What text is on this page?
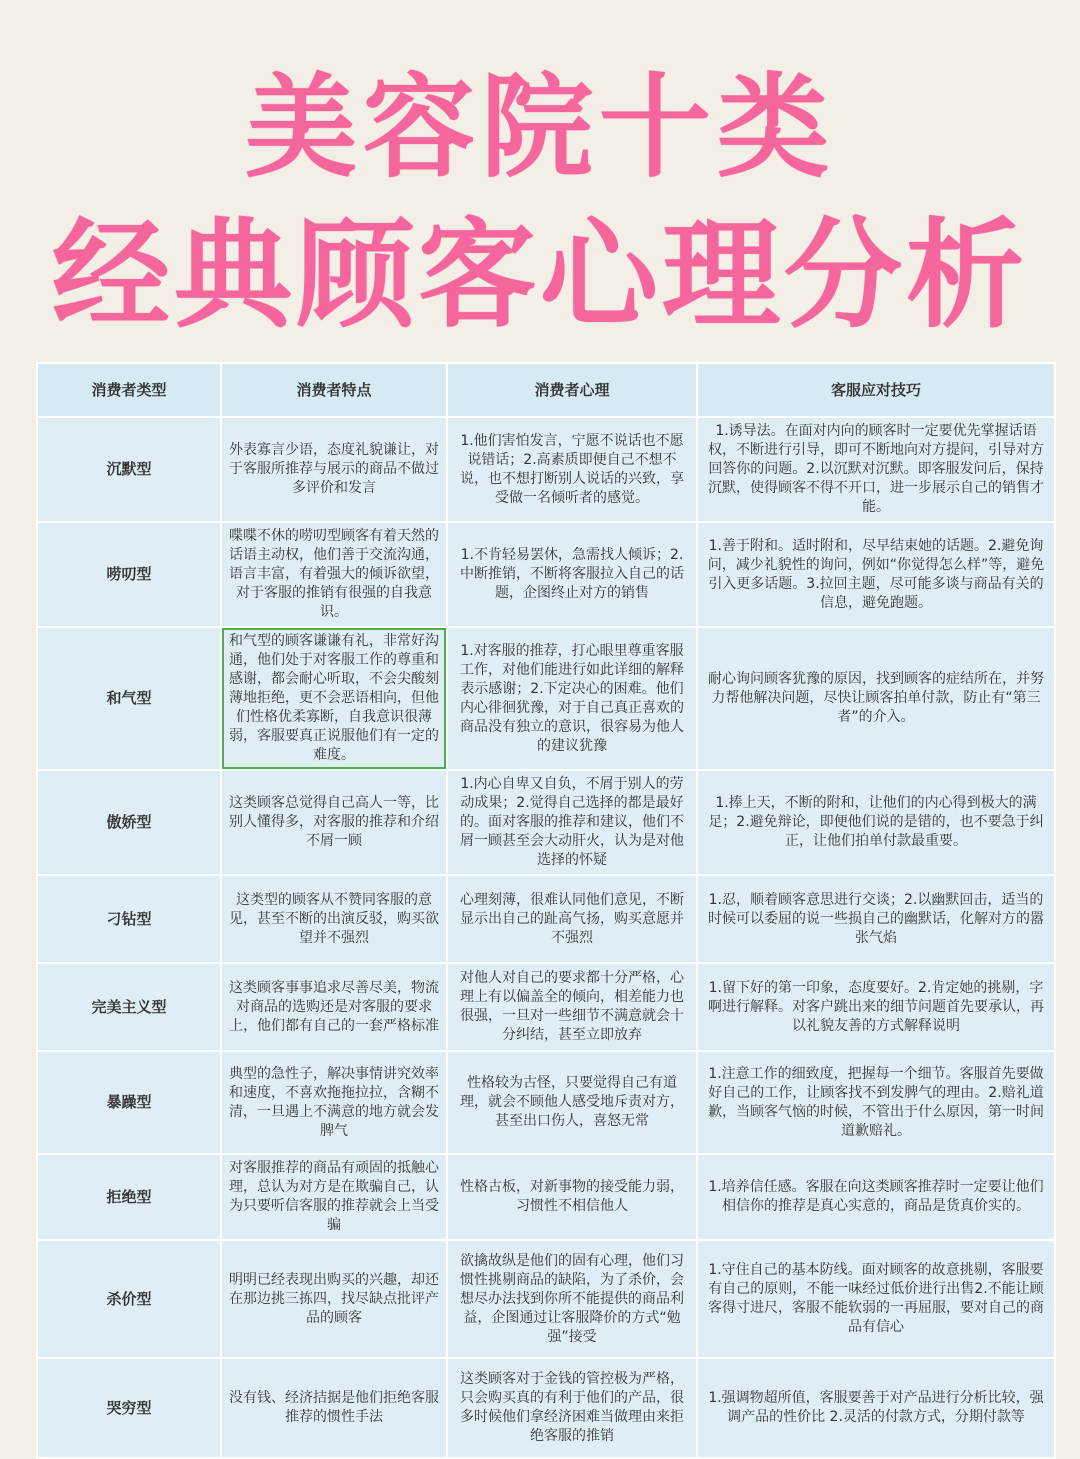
美容院十类
经典顾客心理分析
消费者类型	消费者特点	消费者心理	客服应对技巧
沉默型	外表寡言少语，态度礼貌谦让，对于客服所推荐与展示的商品不做过多评价和发言	1.他们害怕发言，宁愿不说话也不愿说错话；2.高素质即便自己不想不说，也不想打断别人说话的兴致，享受做一名倾听者的感觉。	1.诱导法。在面对内向的顾客时一定要优先掌握话语权，不断进行引导，即可不断地向对方提问，引导对方回答你的问题。2.以沉默对沉默。即客服发问后，保持沉默，使得顾客不得不开口，进一步展示自己的销售才能。
唠叨型	喋喋不休的唠叨型顾客有着天然的话语主动权，他们善于交流沟通，语言丰富，有着强大的倾诉欲望，对于客服的推销有很强的自我意识。	1.不肯轻易罢休，急需找人倾诉；2.中断推销，不断将客服拉入自己的话题，企图终止对方的销售	1.善于附和。适时附和，尽早结束她的话题。2.避免询问，减少礼貌性的询问，例如“你觉得怎么样”等，避免引入更多话题。3.拉回主题，尽可能多谈与商品有关的信息，避免跑题。
和气型	和气型的顾客谦谦有礼，非常好沟通，他们处于对客服工作的尊重和感谢，都会耐心听取，不会尖酸刻薄地拒绝，更不会恶语相向，但他们性格优柔寡断，自我意识很薄弱，客服要真正说服他们有一定的难度。	1.对客服的推荐，打心眼里尊重客服工作，对他们能进行如此详细的解释表示感谢；2.下定决心的困难。他们内心徘徊犹豫，对于自己真正喜欢的商品没有独立的意识，很容易为他人的建议犹豫	耐心询问顾客犹豫的原因，找到顾客的症结所在，并努力帮他解决问题，尽快让顾客拍单付款，防止有“第三者”的介入。
傲娇型	这类顾客总觉得自己高人一等，比别人懂得多，对客服的推荐和介绍不屑一顾	1.内心自卑又自负，不屑于别人的劳动成果；2.觉得自己选择的都是最好的。面对客服的推荐和建议，他们不屑一顾甚至会大动肝火，认为是对他选择的怀疑	1.捧上天，不断的附和，让他们的内心得到极大的满足；2.避免辩论，即便他们说的是错的，也不要急于纠正，让他们拍单付款最重要。
刁钻型	这类型的顾客从不赞同客服的意见，甚至不断的出演反驳，购买欲望并不强烈	心理刻薄，很难认同他们意见，不断显示出自己的趾高气扬，购买意愿并不强烈	1.忍，顺着顾客意思进行交谈；2.以幽默回击，适当的时候可以委屈的说一些损自己的幽默话，化解对方的嚣张气焰
完美主义型	这类顾客事事追求尽善尽美，物流对商品的选购还是对客服的要求上，他们都有自己的一套严格标准	对他人对自己的要求都十分严格，心理上有以偏盖全的倾向，相差能力也很强，一旦对一些细节不满意就会十分纠结，甚至立即放弃	1.留下好的第一印象，态度要好。2.肯定她的挑剔，字啊进行解释。对客户跳出来的细节问题首先要承认，再以礼貌友善的方式解释说明
暴躁型	典型的急性子，解决事情讲究效率和速度，不喜欢拖拖拉拉，含糊不清，一旦遇上不满意的地方就会发脾气	性格较为古怪，只要觉得自己有道理，就会不顾他人感受地斥责对方，甚至出口伤人，喜怒无常	1.注意工作的细致度，把握每一个细节。客服首先要做好自己的工作，让顾客找不到发脾气的理由。2.赔礼道歉，当顾客气恼的时候，不管出于什么原因，第一时间道歉赔礼。
拒绝型	对客服推荐的商品有顽固的抵触心理，总认为对方是在欺骗自己，认为只要听信客服的推荐就会上当受骗	性格古板，对新事物的接受能力弱，习惯性不相信他人	1.培养信任感。客服在向这类顾客推荐时一定要让他们相信你的推荐是真心实意的，商品是货真价实的。
杀价型	明明已经表现出购买的兴趣，却还在那边挑三拣四，找尽缺点批评产品的顾客	欲擒故纵是他们的固有心理，他们习惯性挑剔商品的缺陷，为了杀价，会想尽办法找到你所不能提供的商品利益，企图通过让客服降价的方式“勉强”接受	1.守住自己的基本防线。面对顾客的故意挑剔，客服要有自己的原则，不能一味经过低价进行出售2.不能让顾客得寸进尺，客服不能软弱的一再屈服，要对自己的商品有信心
哭穷型	没有钱、经济拮据是他们拒绝客服推荐的惯性手法	这类顾客对于金钱的管控极为严格，只会购买真的有利于他们的产品，很多时候他们拿经济困难当做理由来拒绝客服的推销	1.强调物超所值，客服要善于对产品进行分析比较，强调产品的性价比 2.灵活的付款方式，分期付款等
